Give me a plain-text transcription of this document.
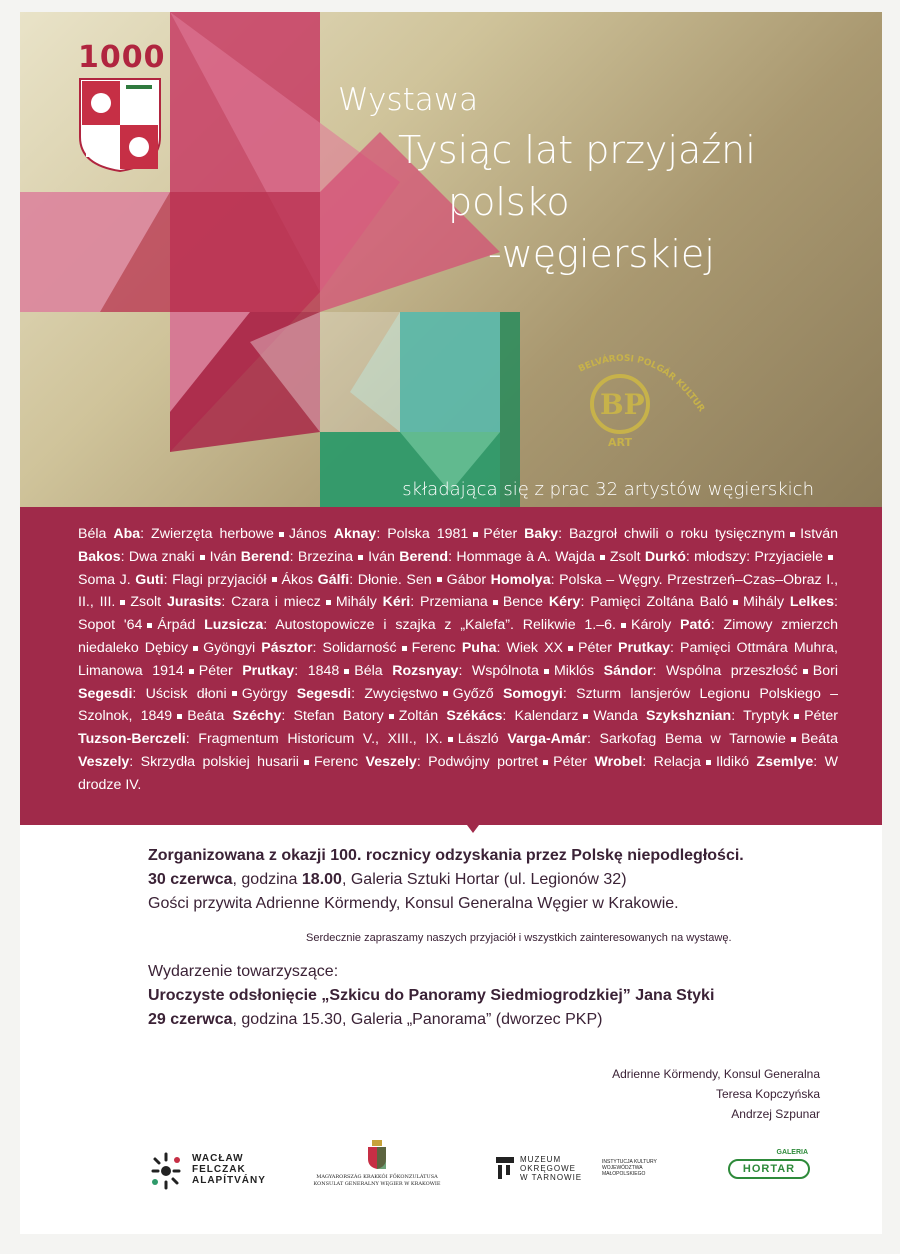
1000
Wystawa
Tysiąc lat przyjaźni
polsko
-węgierskiej
BELVÁROSI POLGÁR KULTUR
BP
ART
składająca się z prac 32 artystów węgierskich

Béla Aba: Zwierzęta herbowe János Aknay: Polska 1981 Péter Baky: Bazgroł chwili o roku tysięcznym István Bakos: Dwa znaki Iván Berend: Brzezina Iván Berend: Hommage à A. Wajda Zsolt Durkó: młodszy: PrzyjacieleSoma J. Guti: Flagi przyjaciół Ákos Gálfi: Dłonie. Sen Gábor Homolya: Polska – Węgry. Przestrzeń–Czas–Obraz I., II., III. Zsolt Jurasits: Czara i miecz Mihály Kéri: Przemiana Bence Kéry: Pamięci Zoltána Baló Mihály Lelkes: Sopot '64 Árpád Luzsicza: Autostopowicze i szajka z „Kalefa”. Relikwie 1.–6. Károly Pató: Zimowy zmierzch niedaleko Dębicy Gyöngyi Pásztor: Solidarność Ferenc Puha: Wiek XX Péter Prutkay: Pamięci Ottmára Muhra, Limanowa 1914 Péter Prutkay: 1848 Béla Rozsnyay: Wspólnota Miklós Sándor: Wspólna przeszłość Bori Segesdi: Uścisk dłoni György Segesdi: Zwycięstwo Győző Somogyi: Szturm lansjerów Legionu Polskiego – Szolnok, 1849 Beáta Széchy: Stefan Batory Zoltán Székács: Kalendarz Wanda Szykshznian: Tryptyk Péter Tuzson-Berczeli: Fragmentum Historicum V., XIII., IX. László Varga-Amár: Sarkofag Bema w Tarnowie Beáta Veszely: Skrzydła polskiej husarii Ferenc Veszely: Podwójny portret Péter Wrobel: Relacja Ildikó Zsemlye: W drodze IV.

Zorganizowana z okazji 100. rocznicy odzyskania przez Polskę niepodległości.
30 czerwca, godzina 18.00, Galeria Sztuki Hortar (ul. Legionów 32)
Gości przywita Adrienne Körmendy, Konsul Generalna Węgier w Krakowie.
Serdecznie zapraszamy naszych przyjaciół i wszystkich zainteresowanych na wystawę.
Wydarzenie towarzyszące:
Uroczyste odsłonięcie „Szkicu do Panoramy Siedmiogrodzkiej” Jana Styki
29 czerwca, godzina 15.30, Galeria „Panorama” (dworzec PKP)
Adrienne Körmendy, Konsul Generalna
Teresa Kopczyńska
Andrzej Szpunar
WACŁAW
FELCZAK
ALAPÍTVÁNY	MAGYARORSZÁG KRAKKÓI FŐKONZULÁTUSA
KONSULAT GENERALNY WĘGIER W KRAKOWIE
MUZEUM
OKRĘGOWE
W TARNOWIE
INSTYTUCJA KULTURY
WOJEWÓDZTWA
MAŁOPOLSKIEGO
GALERIA
HORTAR
